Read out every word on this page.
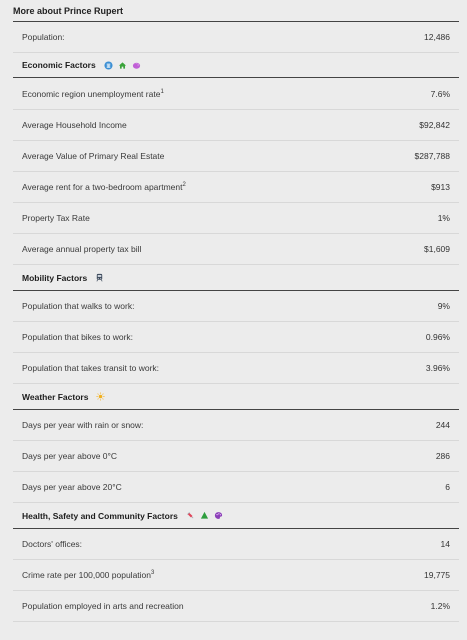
More about Prince Rupert
Population:	12,486
Economic Factors
Economic region unemployment rate$^1$	7.6%
Average Household Income	$92,842
Average Value of Primary Real Estate	$287,788
Average rent for a two-bedroom apartment$^2$	$913
Property Tax Rate	1%
Average annual property tax bill	$1,609
Mobility Factors
Population that walks to work:	9%
Population that bikes to work:	0.96%
Population that takes transit to work:	3.96%
Weather Factors
Days per year with rain or snow:	244
Days per year above 0°C	286
Days per year above 20°C	6
Health, Safety and Community Factors
Doctors' offices:	14
Crime rate per 100,000 population$^3$	19,775
Population employed in arts and recreation	1.2%
